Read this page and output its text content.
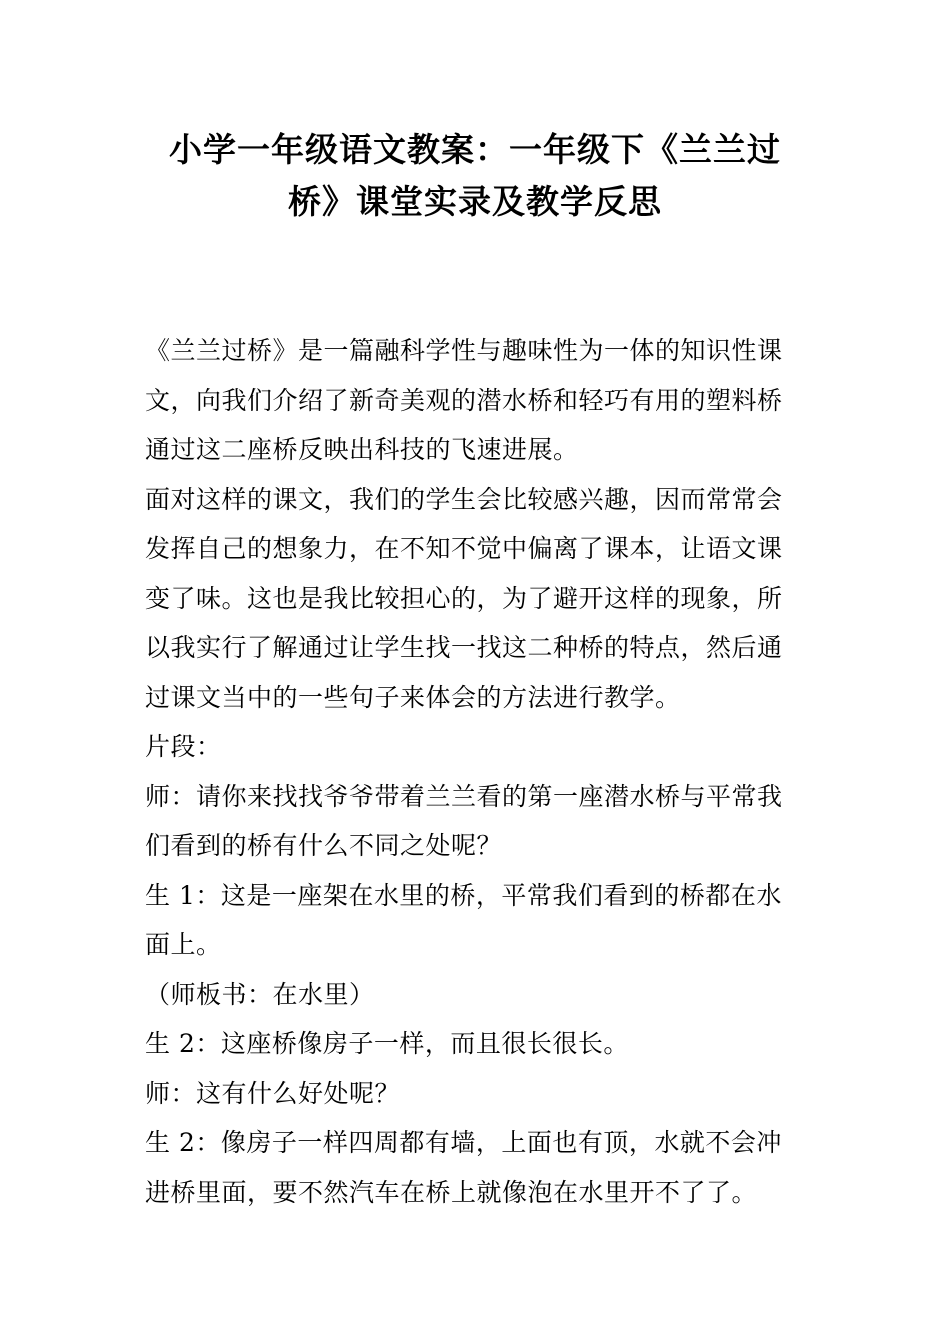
小学一年级语文教案：一年级下《兰兰过
桥》课堂实录及教学反思

《兰兰过桥》是一篇融科学性与趣味性为一体的知识性课

文，向我们介绍了新奇美观的潜水桥和轻巧有用的塑料桥

通过这二座桥反映出科技的飞速进展。

面对这样的课文，我们的学生会比较感兴趣，因而常常会

发挥自己的想象力，在不知不觉中偏离了课本，让语文课

变了味。这也是我比较担心的，为了避开这样的现象，所

以我实行了解通过让学生找一找这二种桥的特点，然后通

过课文当中的一些句子来体会的方法进行教学。

片段：

师：请你来找找爷爷带着兰兰看的第一座潜水桥与平常我

们看到的桥有什么不同之处呢？

生 1：这是一座架在水里的桥，平常我们看到的桥都在水

面上。

（师板书：在水里）

生 2：这座桥像房子一样，而且很长很长。

师：这有什么好处呢？

生 2：像房子一样四周都有墙，上面也有顶，水就不会冲

进桥里面，要不然汽车在桥上就像泡在水里开不了了。
